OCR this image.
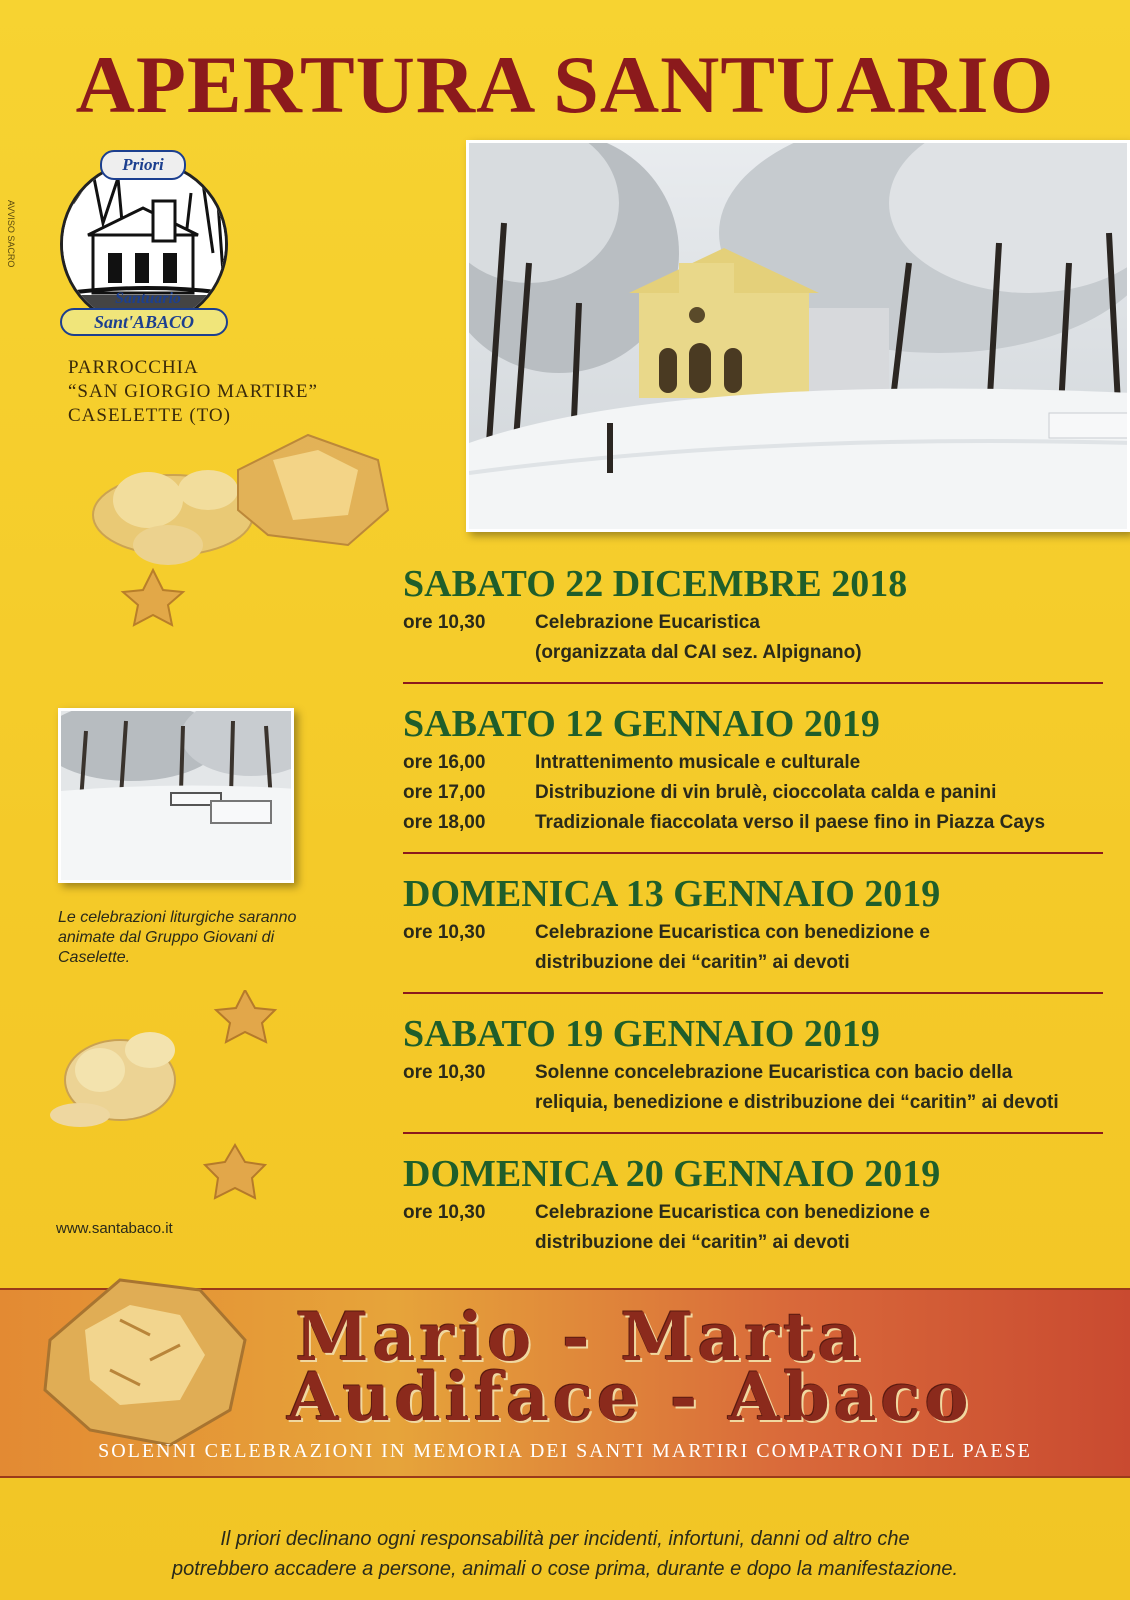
APERTURA SANTUARIO
AVVISO SACRO
Priori
Santuario
Sant'ABACO
PARROCCHIA
“SAN GIORGIO MARTIRE”
CASELETTE (TO)
Le celebrazioni liturgiche saranno animate dal Gruppo Giovani di Caselette.
www.santabaco.it
SABATO 22 DICEMBRE 2018
ore 10,30	Celebrazione Eucaristica
(organizzata dal CAI sez. Alpignano)
SABATO 12 GENNAIO 2019
ore 16,00	Intrattenimento musicale e culturale
ore 17,00	Distribuzione di vin brulè, cioccolata calda e panini
ore 18,00	Tradizionale fiaccolata verso il paese fino in Piazza Cays
DOMENICA 13 GENNAIO 2019
ore 10,30	Celebrazione Eucaristica con benedizione e
distribuzione dei “caritin” ai devoti
SABATO 19 GENNAIO 2019
ore 10,30	Solenne concelebrazione Eucaristica con bacio della
reliquia, benedizione e distribuzione dei “caritin” ai devoti
DOMENICA 20 GENNAIO 2019
ore 10,30	Celebrazione Eucaristica con benedizione e
distribuzione dei “caritin” ai devoti
Mario - Marta
Audiface - Abaco
SOLENNI CELEBRAZIONI IN MEMORIA DEI SANTI MARTIRI COMPATRONI DEL PAESE
Il priori declinano ogni responsabilità per incidenti, infortuni, danni od altro che
potrebbero accadere a persone, animali o cose prima, durante e dopo la manifestazione.
